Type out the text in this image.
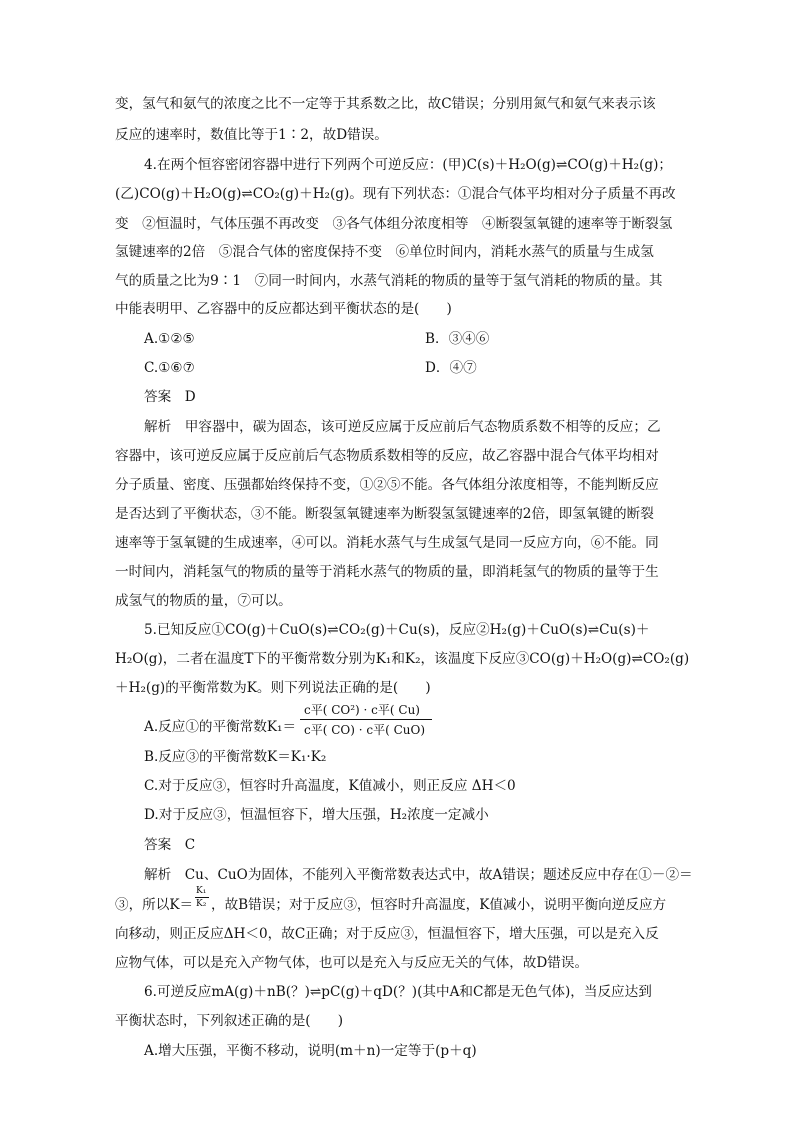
变，氢气和氨气的浓度之比不一定等于其系数之比，故C错误；分别用氮气和氨气来表示该
反应的速率时，数值比等于1∶2，故D错误。
4.在两个恒容密闭容器中进行下列两个可逆反应：(甲)C(s)＋H₂O(g)⇌CO(g)＋H₂(g)；
(乙)CO(g)＋H₂O(g)⇌CO₂(g)＋H₂(g)。现有下列状态：①混合气体平均相对分子质量不再改
变　②恒温时，气体压强不再改变　③各气体组分浓度相等　④断裂氢氧键的速率等于断裂氢
氢键速率的2倍　⑤混合气体的密度保持不变　⑥单位时间内，消耗水蒸气的质量与生成氢
气的质量之比为9∶1　⑦同一时间内，水蒸气消耗的物质的量等于氢气消耗的物质的量。其
中能表明甲、乙容器中的反应都达到平衡状态的是(　　)
A.①②⑤	B．③④⑥
C.①⑥⑦	D．④⑦
答案　D
解析　甲容器中，碳为固态，该可逆反应属于反应前后气态物质系数不相等的反应；乙
容器中，该可逆反应属于反应前后气态物质系数相等的反应，故乙容器中混合气体平均相对
分子质量、密度、压强都始终保持不变，①②⑤不能。各气体组分浓度相等，不能判断反应
是否达到了平衡状态，③不能。断裂氢氧键速率为断裂氢氢键速率的2倍，即氢氧键的断裂
速率等于氢氧键的生成速率，④可以。消耗水蒸气与生成氢气是同一反应方向，⑥不能。同
一时间内，消耗氢气的物质的量等于消耗水蒸气的物质的量，即消耗氢气的物质的量等于生
成氢气的物质的量，⑦可以。
5.已知反应①CO(g)＋CuO(s)⇌CO₂(g)＋Cu(s)，反应②H₂(g)＋CuO(s)⇌Cu(s)＋
H₂O(g)，二者在温度T下的平衡常数分别为K₁和K₂，该温度下反应③CO(g)＋H₂O(g)⇌CO₂(g)
＋H₂(g)的平衡常数为K。则下列说法正确的是(　　)
A.反应①的平衡常数K₁＝
c平( CO²) · c平( Cu)
c平( CO) · c平( CuO)
B.反应③的平衡常数K＝K₁·K₂
C.对于反应③，恒容时升高温度，K值减小，则正反应 ΔH＜0
D.对于反应③，恒温恒容下，增大压强，H₂浓度一定减小
答案　C
解析　Cu、CuO为固体，不能列入平衡常数表达式中，故A错误；题述反应中存在①－②＝
③，所以K＝
K₁
K₂ ，故B错误；对于反应③，恒容时升高温度，K值减小，说明平衡向逆反应方
向移动，则正反应ΔH＜0，故C正确；对于反应③，恒温恒容下，增大压强，可以是充入反
应物气体，可以是充入产物气体，也可以是充入与反应无关的气体，故D错误。
6.可逆反应mA(g)＋nB(？)⇌pC(g)＋qD(？)(其中A和C都是无色气体)，当反应达到
平衡状态时，下列叙述正确的是(　　)
A.增大压强，平衡不移动，说明(m＋n)一定等于(p＋q)
